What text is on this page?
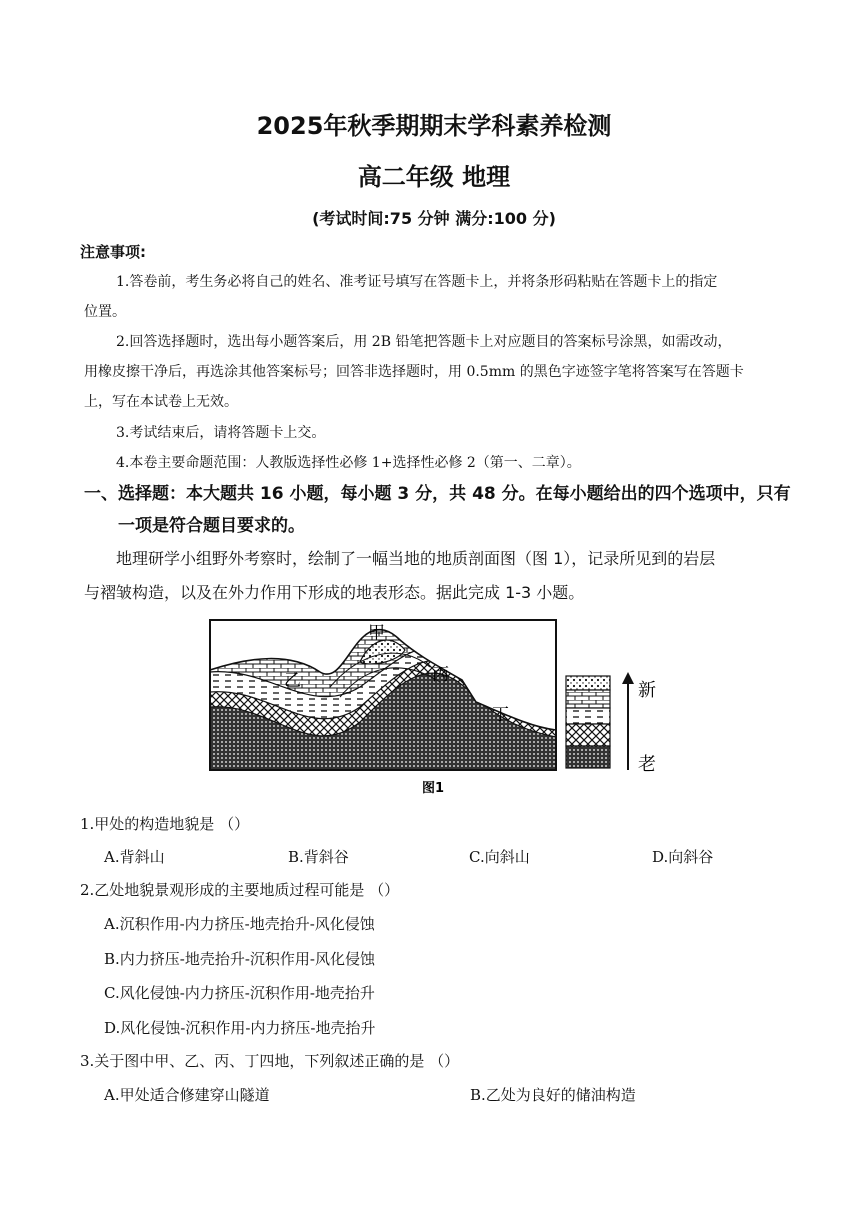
2025年秋季期期末学科素养检测
高二年级 地理
(考试时间:75 分钟 满分:100 分)
注意事项:
1.答卷前，考生务必将自己的姓名、准考证号填写在答题卡上，并将条形码粘贴在答题卡上的指定
位置。
2.回答选择题时，选出每小题答案后，用 2B 铅笔把答题卡上对应题目的答案标号涂黑，如需改动，
用橡皮擦干净后，再选涂其他答案标号；回答非选择题时，用 0.5mm 的黑色字迹签字笔将答案写在答题卡
上，写在本试卷上无效。
3.考试结束后，请将答题卡上交。
4.本卷主要命题范围：人教版选择性必修 1+选择性必修 2（第一、二章）。
一、选择题：本大题共 16 小题，每小题 3 分，共 48 分。在每小题给出的四个选项中，只有
一项是符合题目要求的。
地理研学小组野外考察时，绘制了一幅当地的地质剖面图（图 1），记录所见到的岩层
与褶皱构造，以及在外力作用下形成的地表形态。据此完成 1-3 小题。
甲
乙	丙
丁
新
老
图1
1.甲处的构造地貌是 （）
A.背斜山	B.背斜谷	C.向斜山	D.向斜谷
2.乙处地貌景观形成的主要地质过程可能是 （）
A.沉积作用-内力挤压-地壳抬升-风化侵蚀
B.内力挤压-地壳抬升-沉积作用-风化侵蚀
C.风化侵蚀-内力挤压-沉积作用-地壳抬升
D.风化侵蚀-沉积作用-内力挤压-地壳抬升
3.关于图中甲、乙、丙、丁四地，下列叙述正确的是 （）
A.甲处适合修建穿山隧道	B.乙处为良好的储油构造
